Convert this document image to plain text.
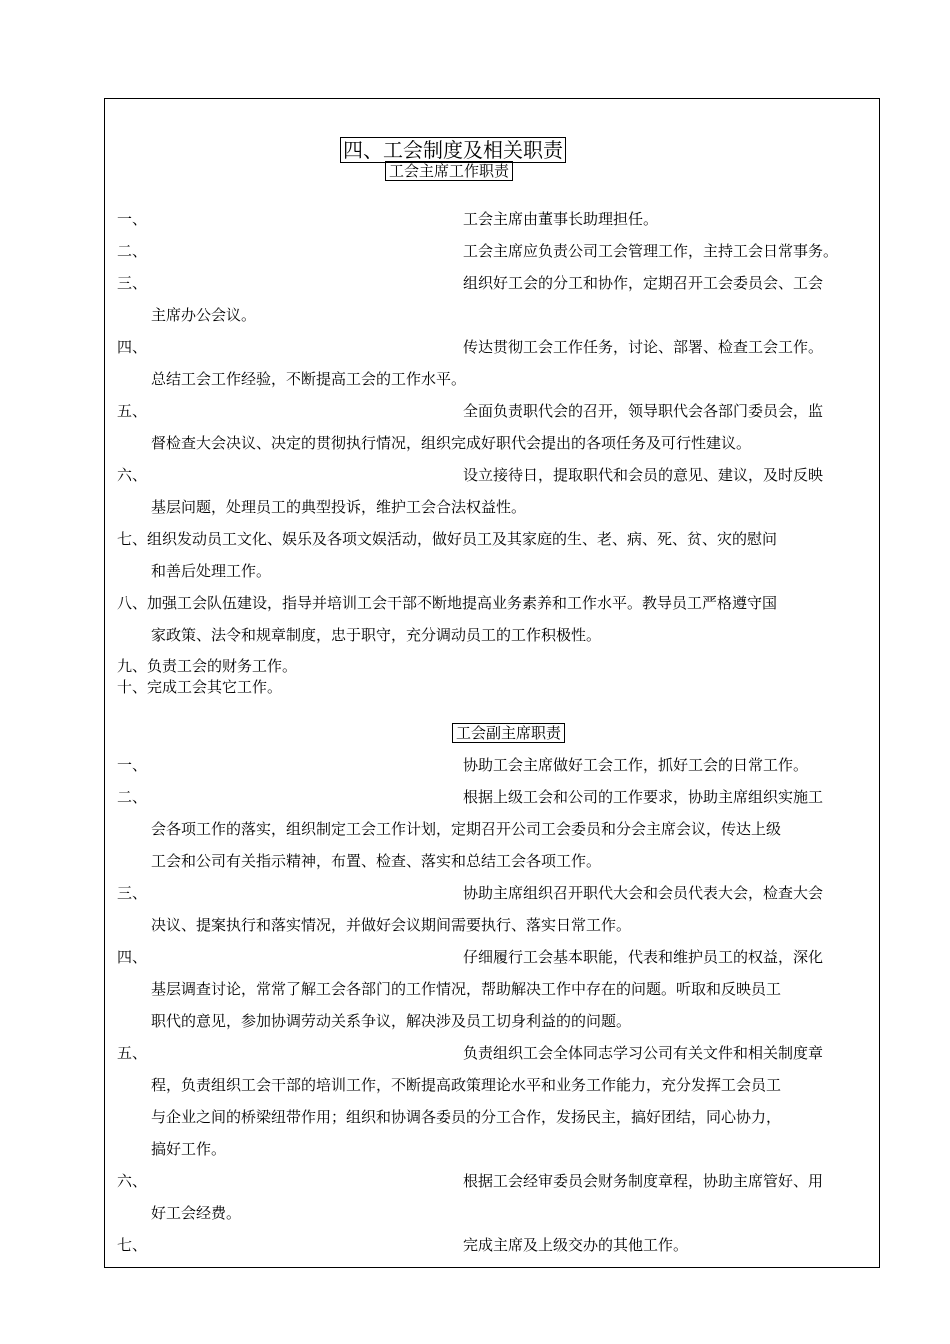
四、工会制度及相关职责
工会主席工作职责
一、	工会主席由董事长助理担任。
二、	工会主席应负责公司工会管理工作，主持工会日常事务。
三、	组织好工会的分工和协作，定期召开工会委员会、工会
主席办公会议。
四、	传达贯彻工会工作任务，讨论、部署、检查工会工作。
总结工会工作经验，不断提高工会的工作水平。
五、	全面负责职代会的召开，领导职代会各部门委员会，监
督检查大会决议、决定的贯彻执行情况，组织完成好职代会提出的各项任务及可行性建议。
六、	设立接待日，提取职代和会员的意见、建议，及时反映
基层问题，处理员工的典型投诉，维护工会合法权益性。
七、组织发动员工文化、娱乐及各项文娱活动，做好员工及其家庭的生、老、病、死、贫、灾的慰问
和善后处理工作。
八、加强工会队伍建设，指导并培训工会干部不断地提高业务素养和工作水平。教导员工严格遵守国
家政策、法令和规章制度，忠于职守，充分调动员工的工作积极性。
九、负责工会的财务工作。
十、完成工会其它工作。
工会副主席职责
一、	协助工会主席做好工会工作，抓好工会的日常工作。
二、	根据上级工会和公司的工作要求，协助主席组织实施工
会各项工作的落实，组织制定工会工作计划，定期召开公司工会委员和分会主席会议，传达上级
工会和公司有关指示精神，布置、检查、落实和总结工会各项工作。
三、	协助主席组织召开职代大会和会员代表大会，检查大会
决议、提案执行和落实情况，并做好会议期间需要执行、落实日常工作。
四、	仔细履行工会基本职能，代表和维护员工的权益，深化
基层调查讨论，常常了解工会各部门的工作情况，帮助解决工作中存在的问题。听取和反映员工
职代的意见，参加协调劳动关系争议，解决涉及员工切身利益的的问题。
五、	负责组织工会全体同志学习公司有关文件和相关制度章
程，负责组织工会干部的培训工作，不断提高政策理论水平和业务工作能力，充分发挥工会员工
与企业之间的桥梁纽带作用；组织和协调各委员的分工合作，发扬民主，搞好团结，同心协力，
搞好工作。
六、	根据工会经审委员会财务制度章程，协助主席管好、用
好工会经费。
七、	完成主席及上级交办的其他工作。
